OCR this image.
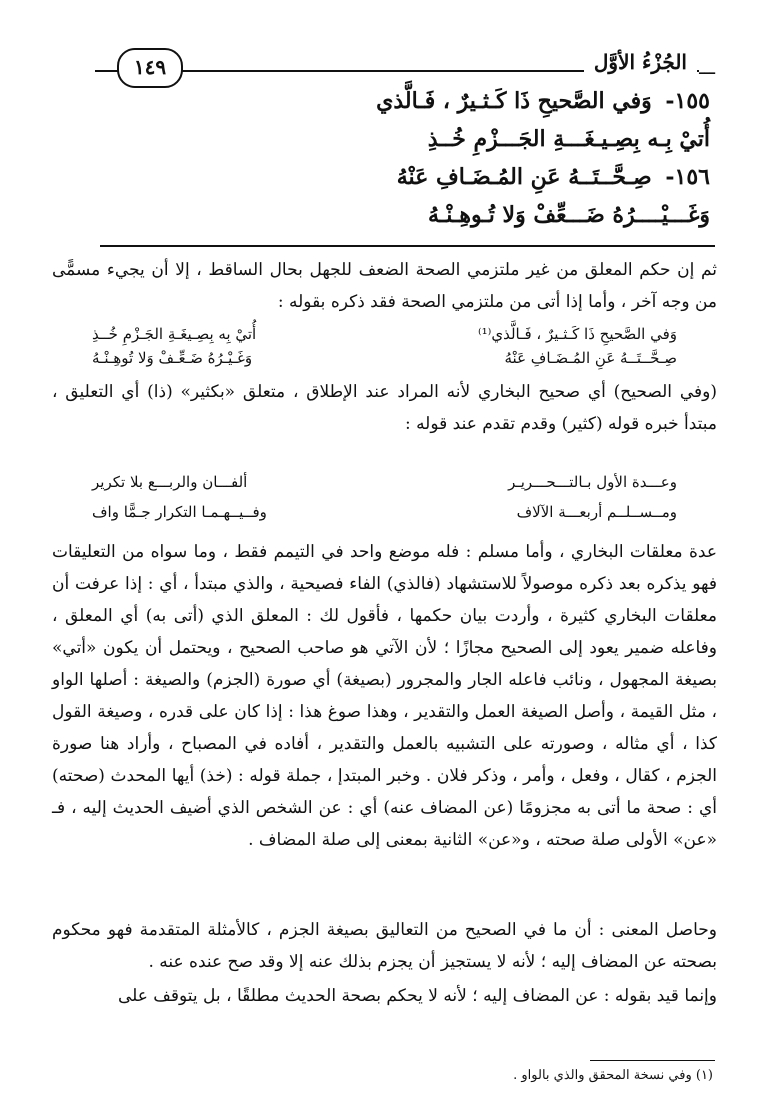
ـــ
الجُزْءُ الأوَّل
١٤٩
١٥٥- وَفي الصَّحيحِ ذَا كَـثـيرٌ ، فَـالَّذي
أُتيْ بِـه بِصِـيـغَـــةِ الجَـــزْمِ خُــذِ
١٥٦- صِـحَّــتَــهُ عَنِ المُـضَـافِ عَنْهُ
وَغَـــيْــــرُهُ ضَـــعِّفْ وَلا تُـوهِـنْـهُ
ثم إن حكم المعلق من غير ملتزمي الصحة الضعف للجهل بحال الساقط ، إلا أن يجيء مسمًّى من وجه آخر ، وأما إذا أتى من ملتزمي الصحة فقد ذكره بقوله :
وَفي الصَّحيحِ ذَا كَـثـيرٌ ، فَـالَّذي⁽¹⁾
أُتيْ بِه بِصِـيغَـةِ الجَـزْمِ خُــذِ
صِـحَّــتَــهُ عَنِ المُـضَـافِ عَنْهُ
وَغَـيْـرُهُ ضَـعِّـفْ وَلا تُوهِـنْـهُ
(وفي الصحيح) أي صحيح البخاري لأنه المراد عند الإطلاق ، متعلق «بكثير» (ذا) أي التعليق ، مبتدأ خبره قوله (كثير) وقدم تقدم عند قوله :
وعـــدة الأول بـالتـــحـــريـر
ألفـــان والربـــع بلا تكرير
ومــســلــم أربعـــة الآلاف
وفــيــهـمـا التكرار جـمًّا واف
عدة معلقات البخاري ، وأما مسلم : فله موضع واحد في التيمم فقط ، وما سواه من التعليقات فهو يذكره بعد ذكره موصولاً للاستشهاد (فالذي) الفاء فصيحية ، والذي مبتدأ ، أي : إذا عرفت أن معلقات البخاري كثيرة ، وأردت بيان حكمها ، فأقول لك : المعلق الذي (أتى به) أي المعلق ، وفاعله ضمير يعود إلى الصحيح مجازًا ؛ لأن الآتي هو صاحب الصحيح ، ويحتمل أن يكون «أتي» بصيغة المجهول ، ونائب فاعله الجار والمجرور (بصيغة) أي صورة (الجزم) والصيغة : أصلها الواو ، مثل القيمة ، وأصل الصيغة العمل والتقدير ، وهذا صوغ هذا : إذا كان على قدره ، وصيغة القول كذا ، أي مثاله ، وصورته على التشبيه بالعمل والتقدير ، أفاده في المصباح ، وأراد هنا صورة الجزم ، كقال ، وفعل ، وأمر ، وذكر فلان . وخبر المبتدإ ، جملة قوله : (خذ) أيها المحدث (صحته) أي : صحة ما أتى به مجزومًا (عن المضاف عنه) أي : عن الشخص الذي أضيف الحديث إليه ، فـ «عن» الأولى صلة صحته ، و«عن» الثانية بمعنى إلى صلة المضاف .
وحاصل المعنى : أن ما في الصحيح من التعاليق بصيغة الجزم ، كالأمثلة المتقدمة فهو محكوم بصحته عن المضاف إليه ؛ لأنه لا يستجيز أن يجزم بذلك عنه إلا وقد صح عنده عنه .
وإنما قيد بقوله : عن المضاف إليه ؛ لأنه لا يحكم بصحة الحديث مطلقًا ، بل يتوقف على
(١) وفي نسخة المحقق والذي بالواو .
